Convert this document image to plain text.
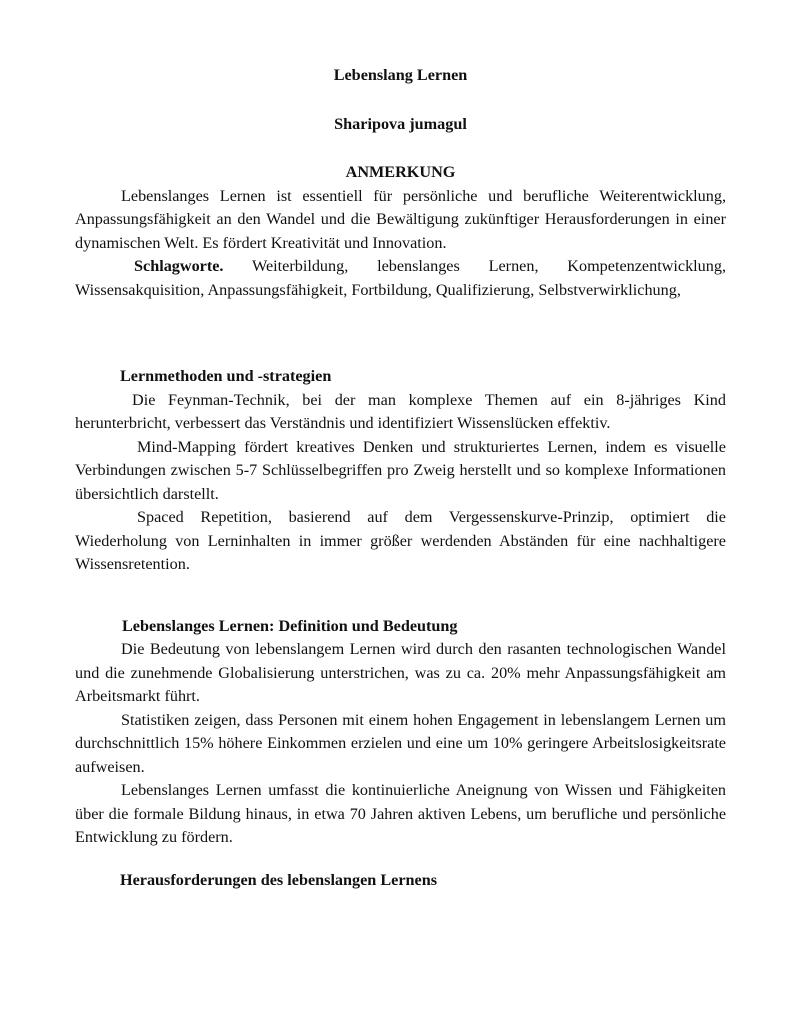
Lebenslang Lernen
Sharipova jumagul
ANMERKUNG

Lebenslanges Lernen ist essentiell für persönliche und berufliche Weiterentwicklung, Anpassungsfähigkeit an den Wandel und die Bewältigung zukünftiger Herausforderungen in einer dynamischen Welt. Es fördert Kreativität und Innovation.

Schlagworte. Weiterbildung, lebenslanges Lernen, Kompetenzentwicklung, Wissensakquisition, Anpassungsfähigkeit, Fortbildung, Qualifizierung, Selbstverwirklichung,

Lernmethoden und -strategien

Die Feynman-Technik, bei der man komplexe Themen auf ein 8-jähriges Kind herunterbricht, verbessert das Verständnis und identifiziert Wissenslücken effektiv.

Mind-Mapping fördert kreatives Denken und strukturiertes Lernen, indem es visuelle Verbindungen zwischen 5-7 Schlüsselbegriffen pro Zweig herstellt und so komplexe Informationen übersichtlich darstellt.

Spaced Repetition, basierend auf dem Vergessenskurve-Prinzip, optimiert die Wiederholung von Lerninhalten in immer größer werdenden Abständen für eine nachhaltigere Wissensretention.

Lebenslanges Lernen: Definition und Bedeutung

Die Bedeutung von lebenslangem Lernen wird durch den rasanten technologischen Wandel und die zunehmende Globalisierung unterstrichen, was zu ca. 20% mehr Anpassungsfähigkeit am Arbeitsmarkt führt.

Statistiken zeigen, dass Personen mit einem hohen Engagement in lebenslangem Lernen um durchschnittlich 15% höhere Einkommen erzielen und eine um 10% geringere Arbeitslosigkeitsrate aufweisen.

Lebenslanges Lernen umfasst die kontinuierliche Aneignung von Wissen und Fähigkeiten über die formale Bildung hinaus, in etwa 70 Jahren aktiven Lebens, um berufliche und persönliche Entwicklung zu fördern.

Herausforderungen des lebenslangen Lernens
